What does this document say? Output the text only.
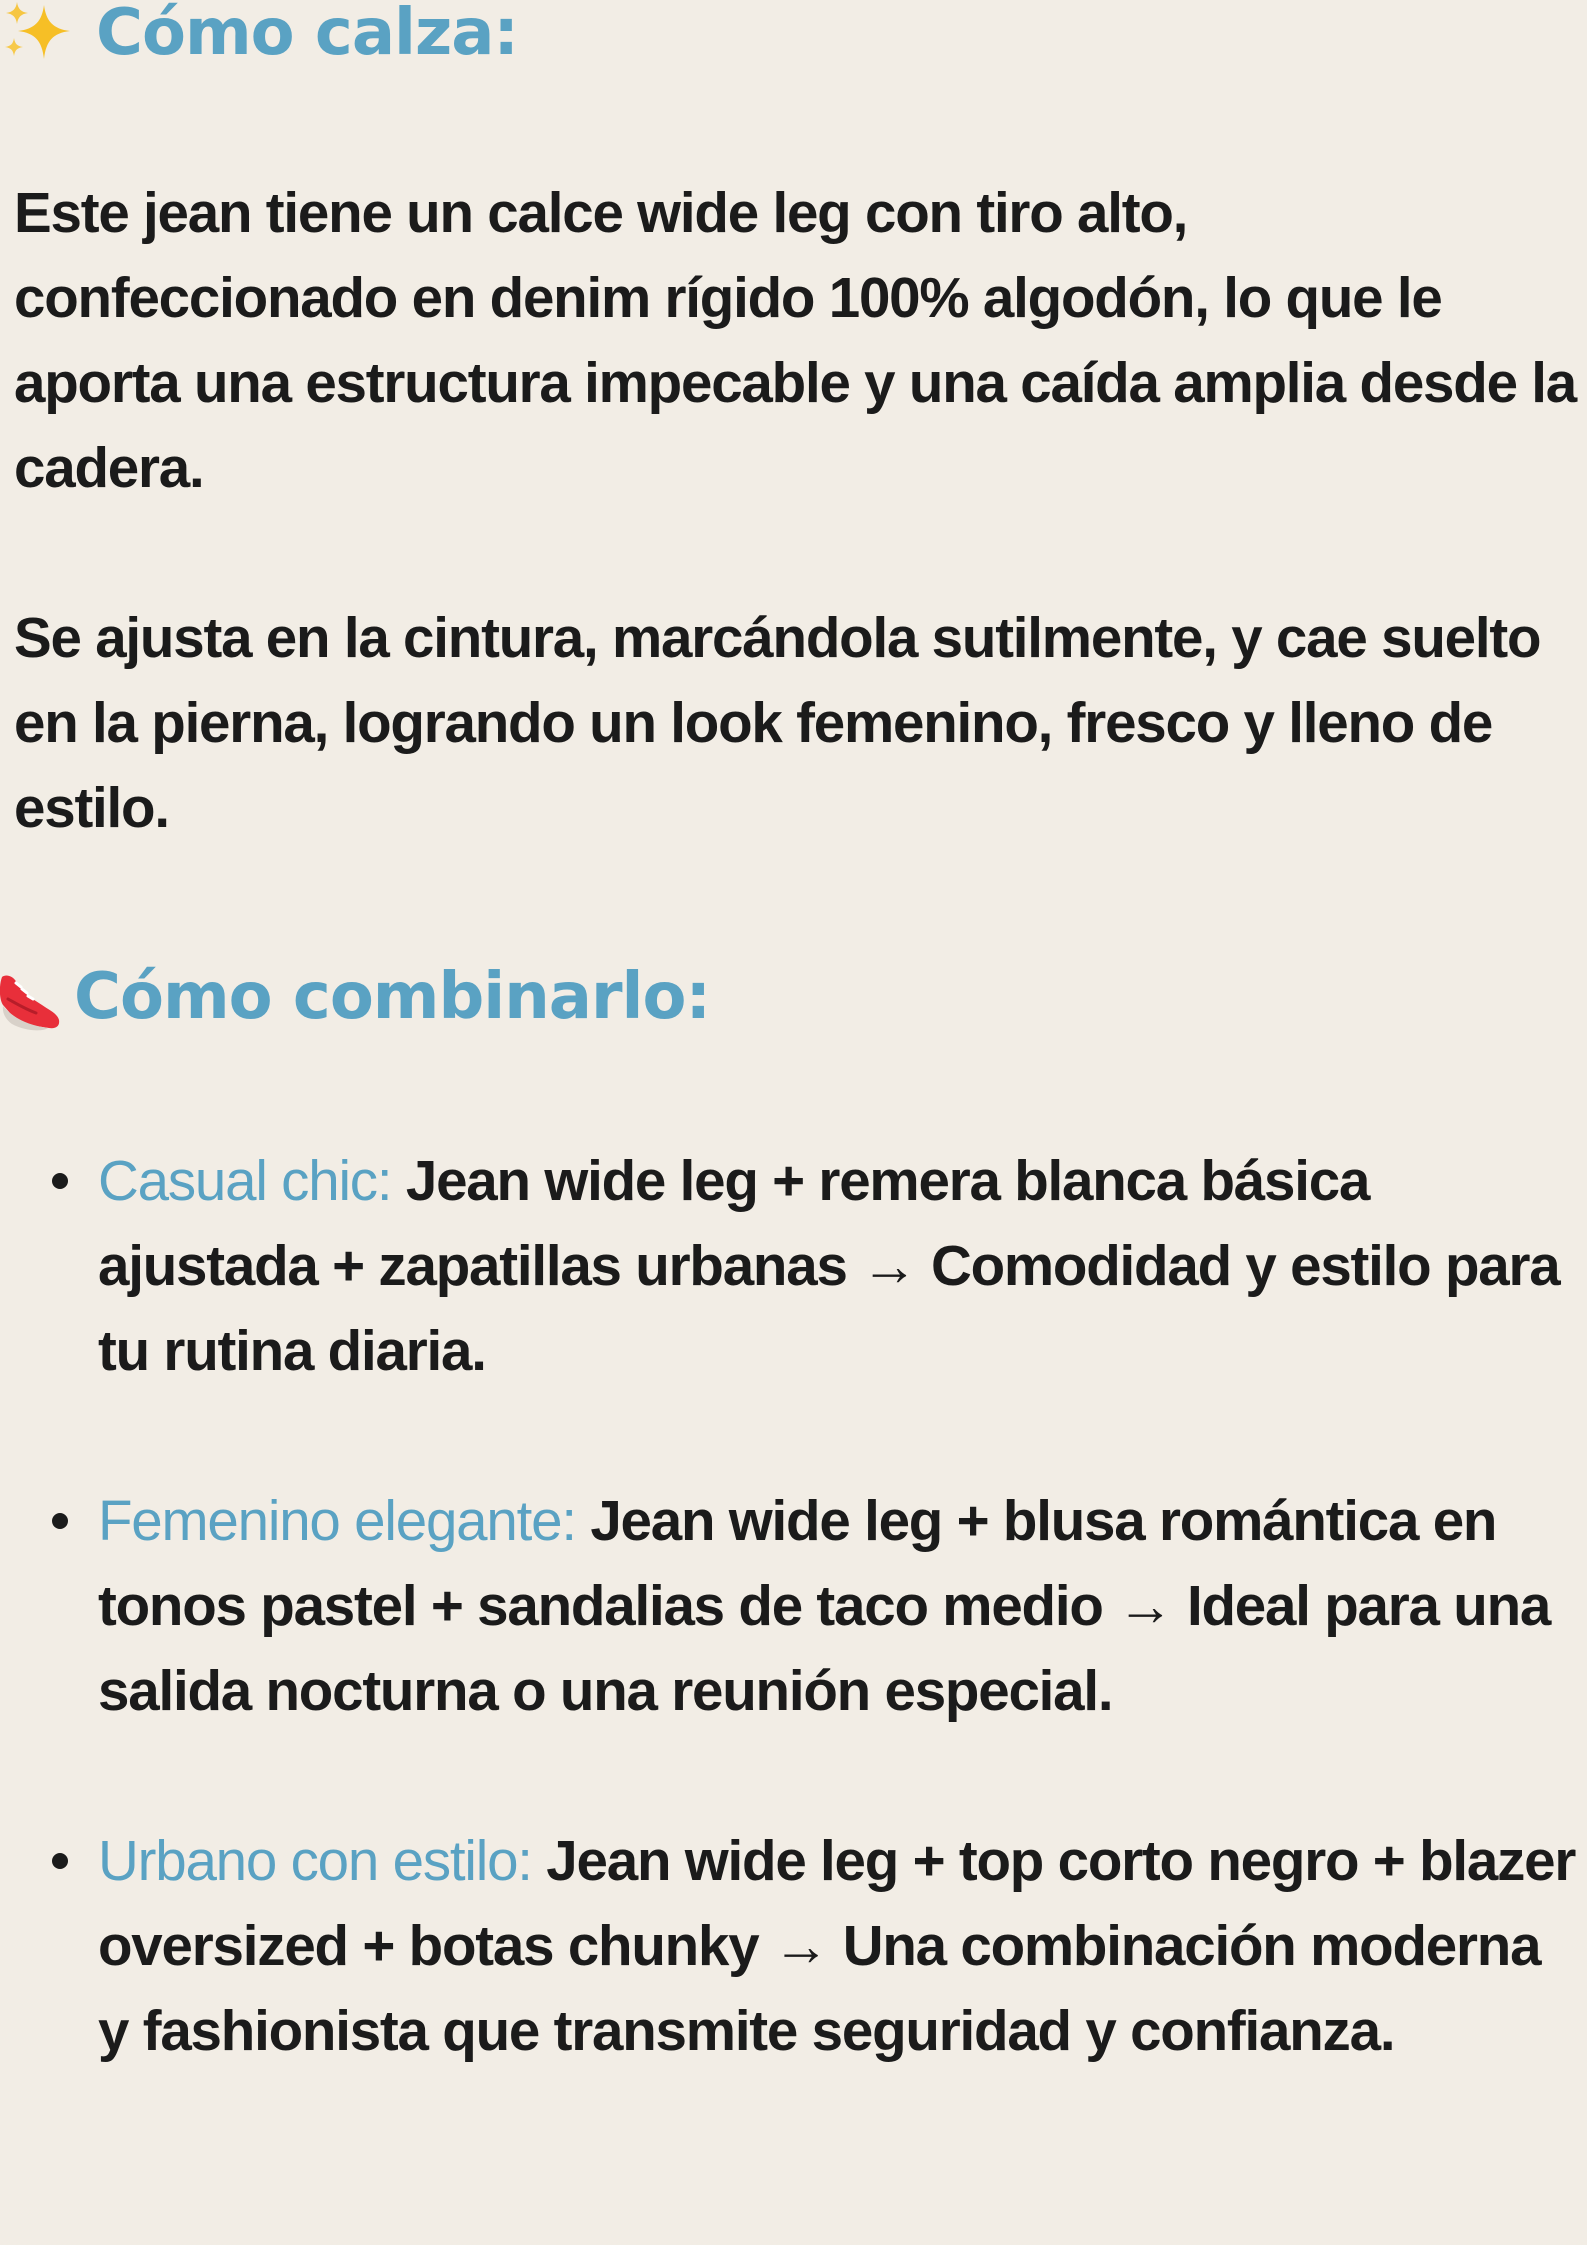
Cómo calza:

Este jean tiene un calce wide leg con tiro alto, confeccionado en denim rígido 100% algodón, lo que le aporta una estructura impecable y una caída amplia desde la cadera.

Se ajusta en la cintura, marcándola sutilmente, y cae suelto en la pierna, logrando un look femenino, fresco y lleno de estilo.

Cómo combinarlo:
Casual chic: Jean wide leg + remera blanca básica ajustada + zapatillas urbanas → Comodidad y estilo para tu rutina diaria.
Femenino elegante: Jean wide leg + blusa romántica en tonos pastel + sandalias de taco medio → Ideal para una salida nocturna o una reunión especial.
Urbano con estilo: Jean wide leg + top corto negro + blazer oversized + botas chunky → Una combinación moderna y fashionista que transmite seguridad y confianza.
